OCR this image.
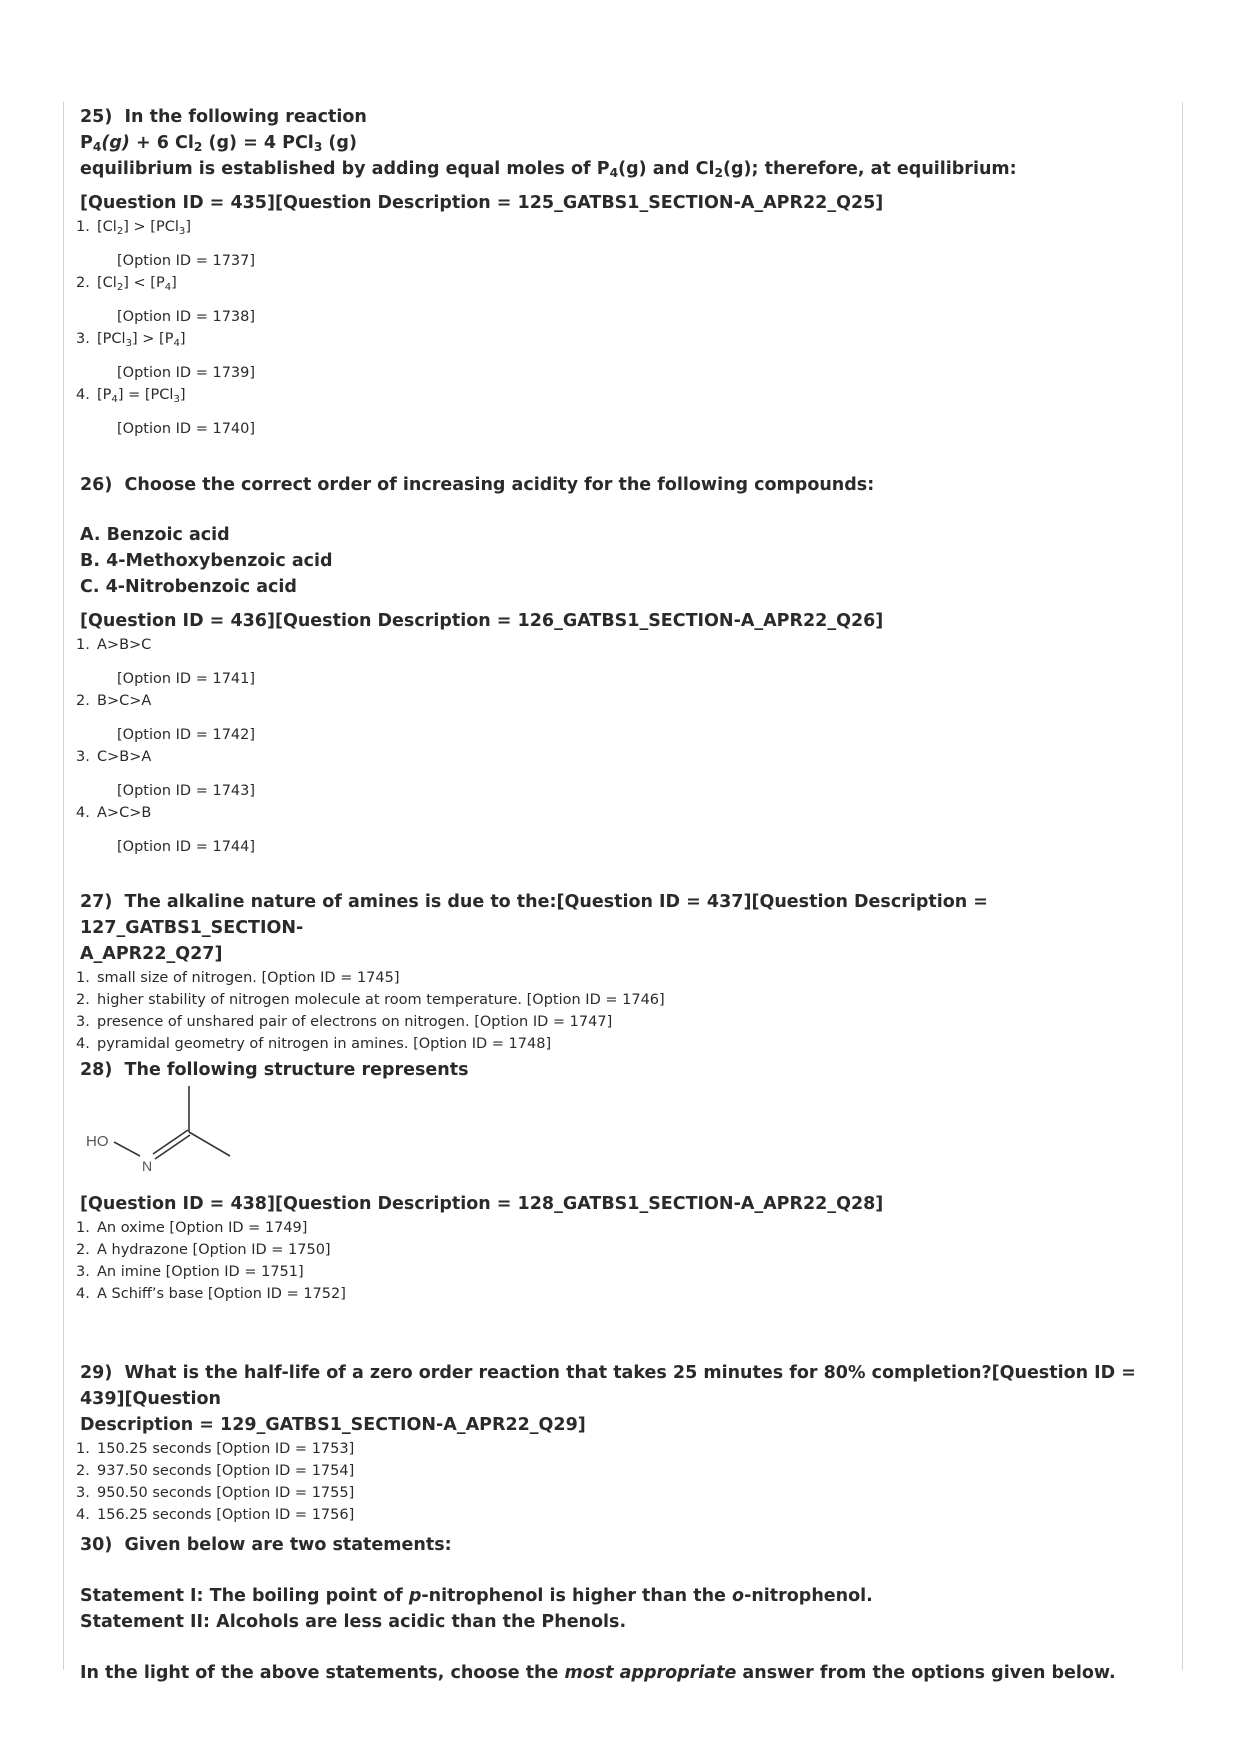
25) In the following reaction

$P_4(g) + 6$ $Cl_2$ (g) = 4 PCl$_3$ (g)

equilibrium is established by adding equal moles of $P_4(g)$ and $Cl_2(g)$; therefore, at equilibrium:

[Question ID = 435][Question Description = 125_GATBS1_SECTION-A_APR22_Q25]

1. $[Cl_2] > [PCl_3]$
[Option ID = 1737]
2. $[Cl_2] < [P_4]$
[Option ID = 1738]
3. $[PCl_3] > [P_4]$
[Option ID = 1739]
4. $[P_4] = [PCl_3]$
[Option ID = 1740]

26) Choose the correct order of increasing acidity for the following compounds:

A. Benzoic acid

B. 4-Methoxybenzoic acid

C. 4-Nitrobenzoic acid

[Question ID = 436][Question Description = 126_GATBS1_SECTION-A_APR22_Q26]

1. A>B>C
[Option ID = 1741]
2. B>C>A
[Option ID = 1742]
3. C>B>A
[Option ID = 1743]
4. A>C>B
[Option ID = 1744]

27) The alkaline nature of amines is due to the:[Question ID = 437][Question Description = 127_GATBS1_SECTION-

A_APR22_Q27]

1. small size of nitrogen. [Option ID = 1745]
2. higher stability of nitrogen molecule at room temperature. [Option ID = 1746]
3. presence of unshared pair of electrons on nitrogen. [Option ID = 1747]
4. pyramidal geometry of nitrogen in amines. [Option ID = 1748]

28) The following structure represents

HO
N

[Question ID = 438][Question Description = 128_GATBS1_SECTION-A_APR22_Q28]

1. An oxime [Option ID = 1749]
2. A hydrazone [Option ID = 1750]
3. An imine [Option ID = 1751]
4. A Schiff’s base [Option ID = 1752]

29) What is the half-life of a zero order reaction that takes 25 minutes for 80% completion?[Question ID = 439][Question

Description = 129_GATBS1_SECTION-A_APR22_Q29]

1. 150.25 seconds [Option ID = 1753]
2. 937.50 seconds [Option ID = 1754]
3. 950.50 seconds [Option ID = 1755]
4. 156.25 seconds [Option ID = 1756]

30) Given below are two statements:

Statement I: The boiling point of p-nitrophenol is higher than the o-nitrophenol.

Statement II: Alcohols are less acidic than the Phenols.

In the light of the above statements, choose the most appropriate answer from the options given below.
